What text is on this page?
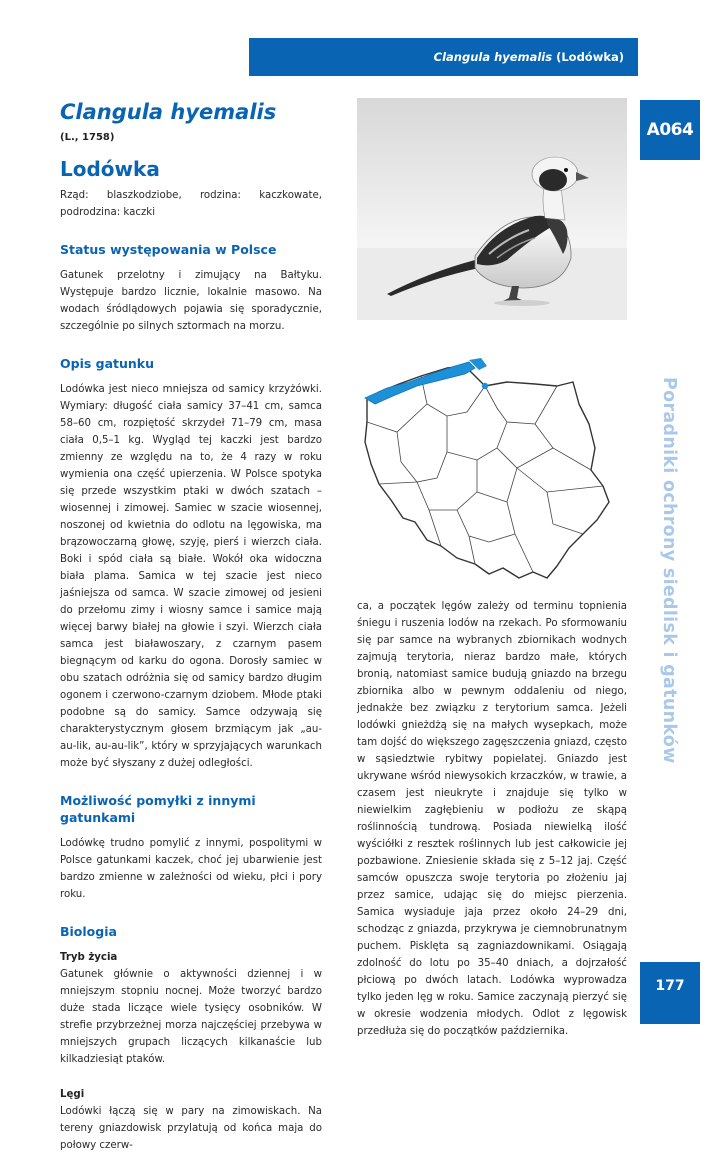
Clangula hyemalis
(Lodówka)
A064
Poradniki ochrony siedlisk i gatunków
177
Clangula hyemalis
(L., 1758)
Lodówka

Rząd: blaszkodziobe, rodzina: kaczkowate, podrodzina: kaczki

Status występowania w Polsce

Gatunek przelotny i zimujący na Bałtyku. Występuje bardzo licznie, lokalnie masowo. Na wodach śródlądowych pojawia się sporadycznie, szczególnie po silnych sztormach na morzu.

Opis gatunku

Lodówka jest nieco mniejsza od samicy krzyżówki. Wymiary: długość ciała samicy 37–41 cm, samca 58–60 cm, rozpiętość skrzydeł 71–79 cm, masa ciała 0,5–1 kg. Wygląd tej kaczki jest bardzo zmienny ze względu na to, że 4 razy w roku wymienia ona część upierzenia. W Polsce spotyka się przede wszystkim ptaki w dwóch szatach – wiosennej i zimowej. Samiec w szacie wiosennej, noszonej od kwietnia do odlotu na lęgowiska, ma brązowoczarną głowę, szyję, pierś i wierzch ciała. Boki i spód ciała są białe. Wokół oka widoczna biała plama. Samica w tej szacie jest nieco jaśniejsza od samca. W szacie zimowej od jesieni do przełomu zimy i wiosny samce i samice mają więcej barwy białej na głowie i szyi. Wierzch ciała samca jest białawoszary, z czarnym pasem biegnącym od karku do ogona. Dorosły samiec w obu szatach odróżnia się od samicy bardzo długim ogonem i czerwono-czarnym dziobem. Młode ptaki podobne są do samicy. Samce odzywają się charakterystycznym głosem brzmiącym jak „au-au-lik, au-au-lik”, który w sprzyjających warunkach może być słyszany z dużej odległości.

Możliwość pomyłki z innymi gatunkami

Lodówkę trudno pomylić z innymi, pospolitymi w Polsce gatunkami kaczek, choć jej ubarwienie jest bardzo zmienne w zależności od wieku, płci i pory roku.

Biologia
Tryb życia

Gatunek głównie o aktywności dziennej i w mniejszym stopniu nocnej. Może tworzyć bardzo duże stada liczące wiele tysięcy osobników. W strefie przybrzeżnej morza najczęściej przebywa w mniejszych grupach liczących kilkanaście lub kilkadziesiąt ptaków.

Lęgi

Lodówki łączą się w pary na zimowiskach. Na tereny gniazdowisk przylatują od końca maja do połowy czerw-

ca, a początek lęgów zależy od terminu topnienia śniegu i ruszenia lodów na rzekach. Po sformowaniu się par samce na wybranych zbiornikach wodnych zajmują terytoria, nieraz bardzo małe, których bronią, natomiast samice budują gniazdo na brzegu zbiornika albo w pewnym oddaleniu od niego, jednakże bez związku z terytorium samca. Jeżeli lodówki gnieżdżą się na małych wysepkach, może tam dojść do większego zagęszczenia gniazd, często w sąsiedztwie rybitwy popielatej. Gniazdo jest ukrywane wśród niewysokich krzaczków, w trawie, a czasem jest nieukryte i znajduje się tylko w niewielkim zagłębieniu w podłożu ze skąpą roślinnością tundrową. Posiada niewielką ilość wyściółki z resztek roślinnych lub jest całkowicie jej pozbawione. Zniesienie składa się z 5–12 jaj. Część samców opuszcza swoje terytoria po złożeniu jaj przez samice, udając się do miejsc pierzenia. Samica wysiaduje jaja przez około 24–29 dni, schodząc z gniazda, przykrywa je ciemnobrunatnym puchem. Pisklęta są zagniazdownikami. Osiągają zdolność do lotu po 35–40 dniach, a dojrzałość płciową po dwóch latach. Lodówka wyprowadza tylko jeden lęg w roku. Samice zaczynają pierzyć się w okresie wodzenia młodych. Odlot z lęgowisk przedłuża się do początków października.
